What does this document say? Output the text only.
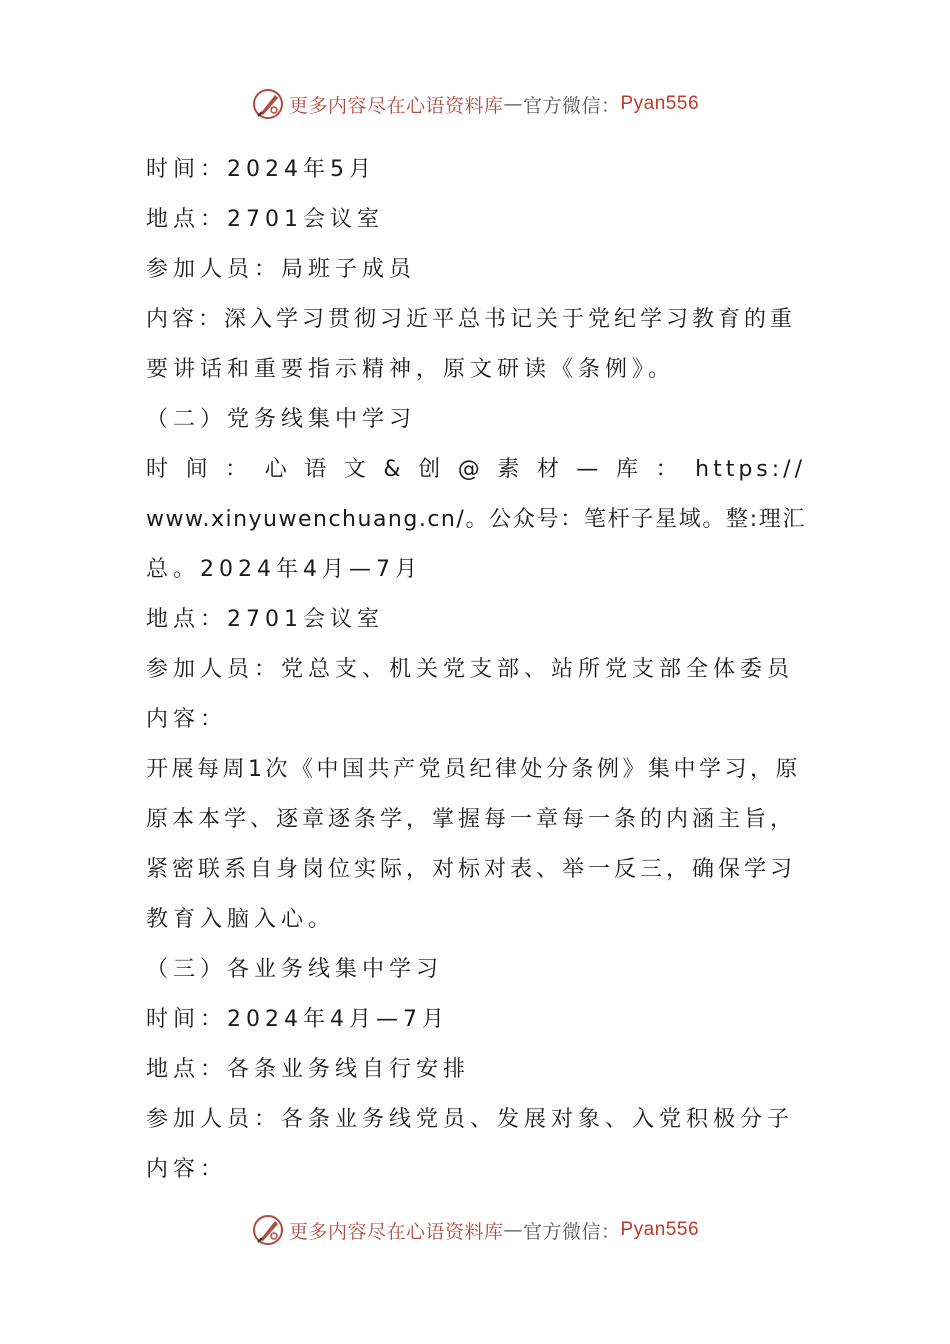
更多内容尽在心语资料库 — 官方微信： Pyan556

时间：2024年5月

地点：2701会议室

参加人员：局班子成员

内容：深入学习贯彻习近平总书记关于党纪学习教育的重

要讲话和重要指示精神，原文研读《条例》。

（二）党务线集中学习

时间：心语文&创@素材—库：https://

www.xinyuwenchuang.cn/。公众号：笔杆子星域。整:理汇

总。2024年4月—7月

地点：2701会议室

参加人员：党总支、机关党支部、站所党支部全体委员

内容：

开展每周1次《中国共产党员纪律处分条例》集中学习，原

原本本学、逐章逐条学，掌握每一章每一条的内涵主旨，

紧密联系自身岗位实际，对标对表、举一反三，确保学习

教育入脑入心。

（三）各业务线集中学习

时间：2024年4月—7月

地点：各条业务线自行安排

参加人员：各条业务线党员、发展对象、入党积极分子

内容：

更多内容尽在心语资料库 — 官方微信： Pyan556
